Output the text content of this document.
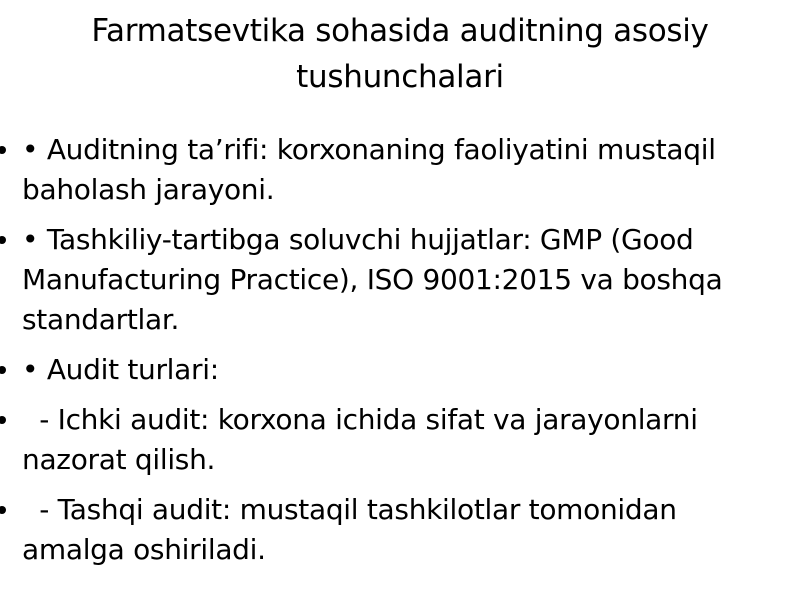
Farmatsevtika sohasida auditning asosiy tushunchalari
• Auditning ta’rifi: korxonaning faoliyatini mustaqil baholash jarayoni.
• Tashkiliy-tartibga soluvchi hujjatlar: GMP (Good Manufacturing Practice), ISO 9001:2015 va boshqa standartlar.
• Audit turlari:
- Ichki audit: korxona ichida sifat va jarayonlarni nazorat qilish.
- Tashqi audit: mustaqil tashkilotlar tomonidan amalga oshiriladi.
